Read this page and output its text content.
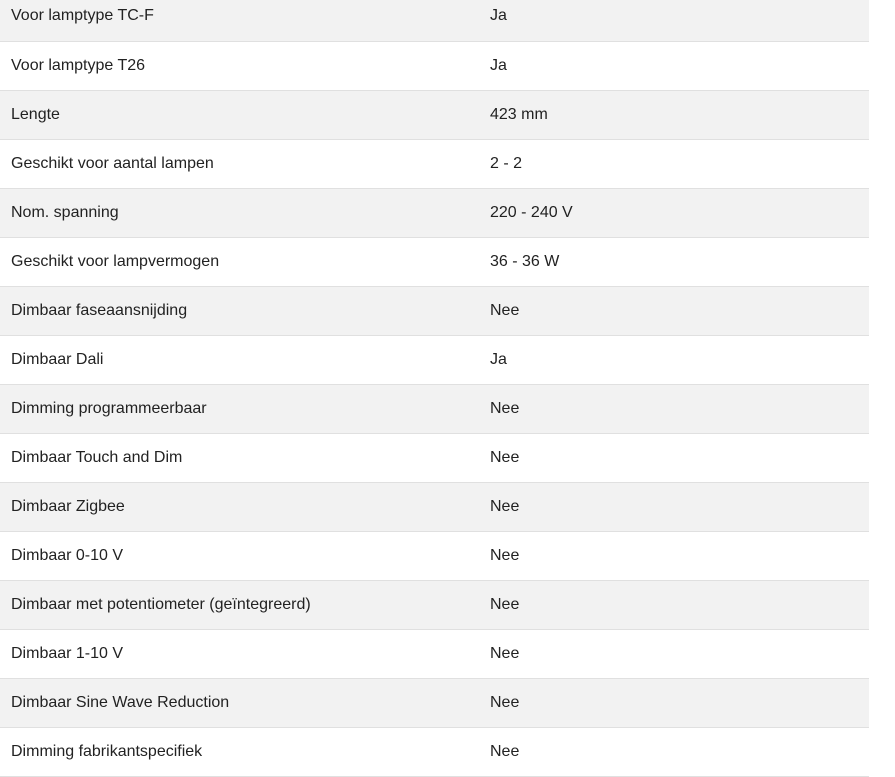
Voor lamptype TC-F	Ja
Voor lamptype T26	Ja
Lengte	423 mm
Geschikt voor aantal lampen	2 - 2
Nom. spanning	220 - 240 V
Geschikt voor lampvermogen	36 - 36 W
Dimbaar faseaansnijding	Nee
Dimbaar Dali	Ja
Dimming programmeerbaar	Nee
Dimbaar Touch and Dim	Nee
Dimbaar Zigbee	Nee
Dimbaar 0-10 V	Nee
Dimbaar met potentiometer (geïntegreerd)	Nee
Dimbaar 1-10 V	Nee
Dimbaar Sine Wave Reduction	Nee
Dimming fabrikantspecifiek	Nee
